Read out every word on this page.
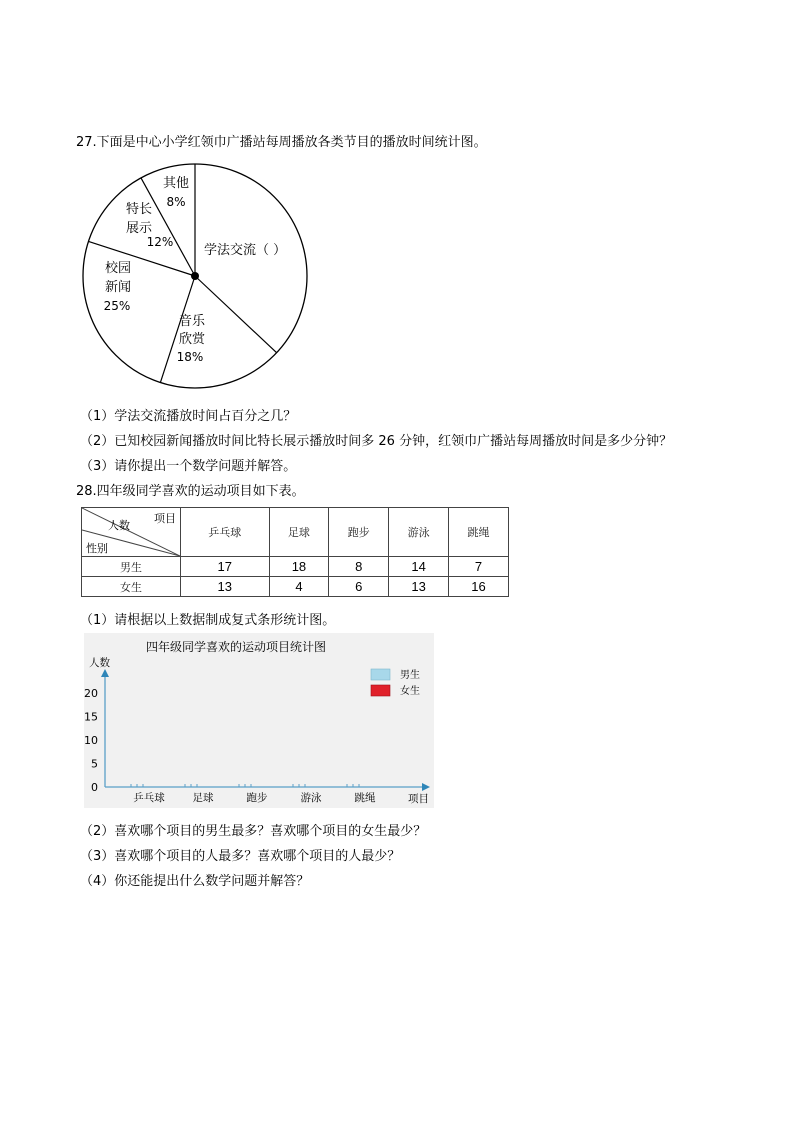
27.下面是中心小学红领巾广播站每周播放各类节目的播放时间统计图。
其他
8%
特长
展示
12%
校园
新闻
25%
音乐
欣赏
18%
学法交流（ ）
（1）学法交流播放时间占百分之几？
（2）已知校园新闻播放时间比特长展示播放时间多 26 分钟，红领巾广播站每周播放时间是多少分钟？
（3）请你提出一个数学问题并解答。
28.四年级同学喜欢的运动项目如下表。
项目
人数
性别	乒乓球	足球	跑步	游泳	跳绳
男生	17	18	8	14	7
女生	13	4	6	13	16
（1）请根据以上数据制成复式条形统计图。
四年级同学喜欢的运动项目统计图
人数
0
5
10
15
20
乒乓球	足球	跑步	游泳	跳绳	项目
男生
女生
（2）喜欢哪个项目的男生最多？喜欢哪个项目的女生最少？
（3）喜欢哪个项目的人最多？喜欢哪个项目的人最少？
（4）你还能提出什么数学问题并解答？
